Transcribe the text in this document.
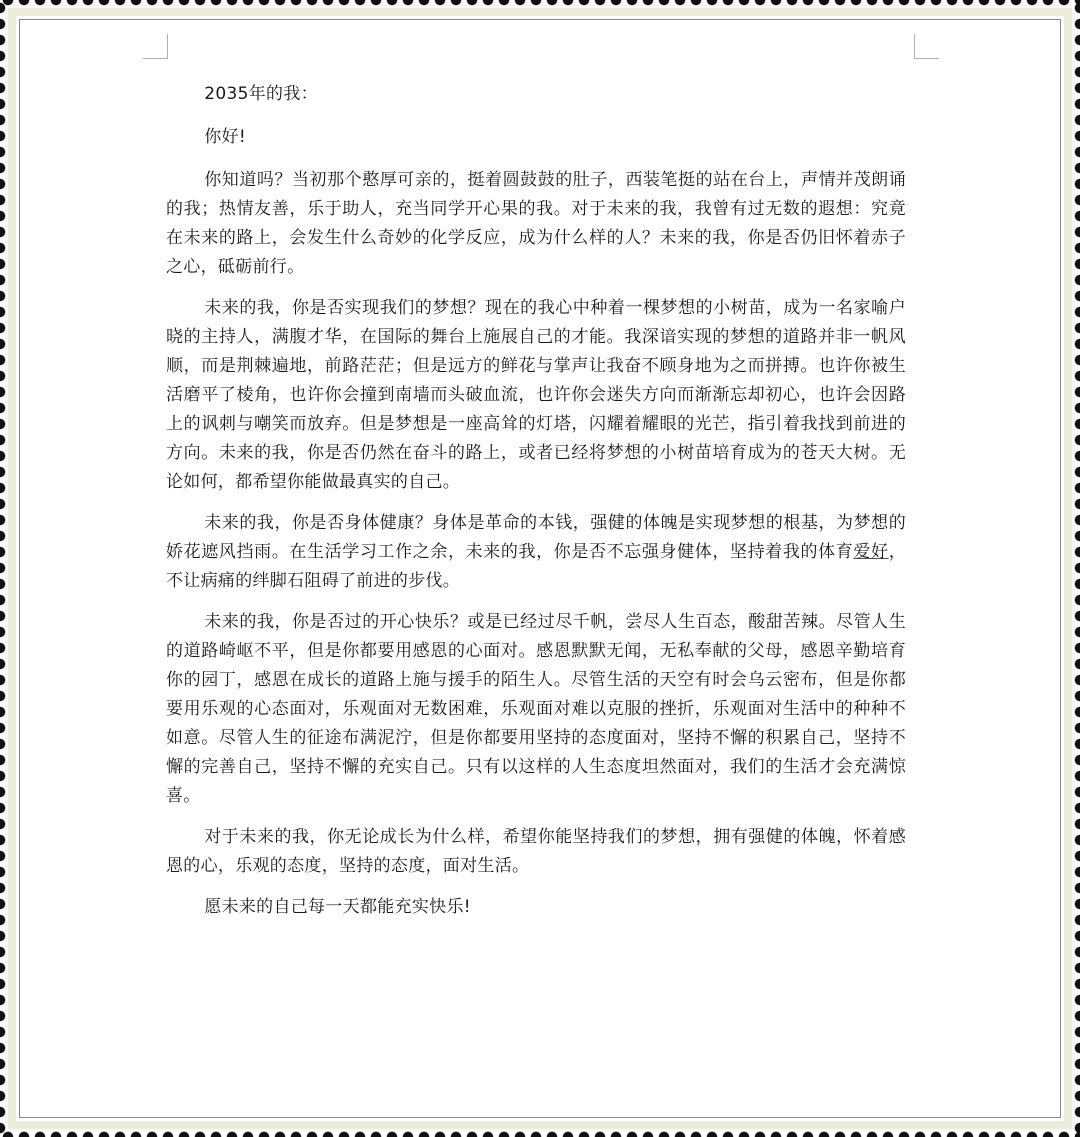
2035年的我：

你好!

你知道吗？当初那个憨厚可亲的，挺着圆鼓鼓的肚子，西装笔挺的站在台上，声情并茂朗诵的我；热情友善，乐于助人，充当同学开心果的我。对于未来的我，我曾有过无数的遐想：究竟在未来的路上，会发生什么奇妙的化学反应，成为什么样的人？未来的我，你是否仍旧怀着赤子之心，砥砺前行。

未来的我，你是否实现我们的梦想？现在的我心中种着一棵梦想的小树苗，成为一名家喻户晓的主持人，满腹才华，在国际的舞台上施展自己的才能。我深谙实现的梦想的道路并非一帆风顺，而是荆棘遍地，前路茫茫；但是远方的鲜花与掌声让我奋不顾身地为之而拼搏。也许你被生活磨平了棱角，也许你会撞到南墙而头破血流，也许你会迷失方向而渐渐忘却初心，也许会因路上的讽刺与嘲笑而放弃。但是梦想是一座高耸的灯塔，闪耀着耀眼的光芒，指引着我找到前进的方向。未来的我，你是否仍然在奋斗的路上，或者已经将梦想的小树苗培育成为的苍天大树。无论如何，都希望你能做最真实的自己。

未来的我，你是否身体健康？身体是革命的本钱，强健的体魄是实现梦想的根基，为梦想的娇花遮风挡雨。在生活学习工作之余，未来的我，你是否不忘强身健体，坚持着我的体育爱好，不让病痛的绊脚石阻碍了前进的步伐。

未来的我，你是否过的开心快乐？或是已经过尽千帆，尝尽人生百态，酸甜苦辣。尽管人生的道路崎岖不平，但是你都要用感恩的心面对。感恩默默无闻，无私奉献的父母，感恩辛勤培育你的园丁，感恩在成长的道路上施与援手的陌生人。尽管生活的天空有时会乌云密布，但是你都要用乐观的心态面对，乐观面对无数困难，乐观面对难以克服的挫折，乐观面对生活中的种种不如意。尽管人生的征途布满泥泞，但是你都要用坚持的态度面对，坚持不懈的积累自己，坚持不懈的完善自己，坚持不懈的充实自己。只有以这样的人生态度坦然面对，我们的生活才会充满惊喜。

对于未来的我，你无论成长为什么样，希望你能坚持我们的梦想，拥有强健的体魄，怀着感恩的心，乐观的态度，坚持的态度，面对生活。

愿未来的自己每一天都能充实快乐!
